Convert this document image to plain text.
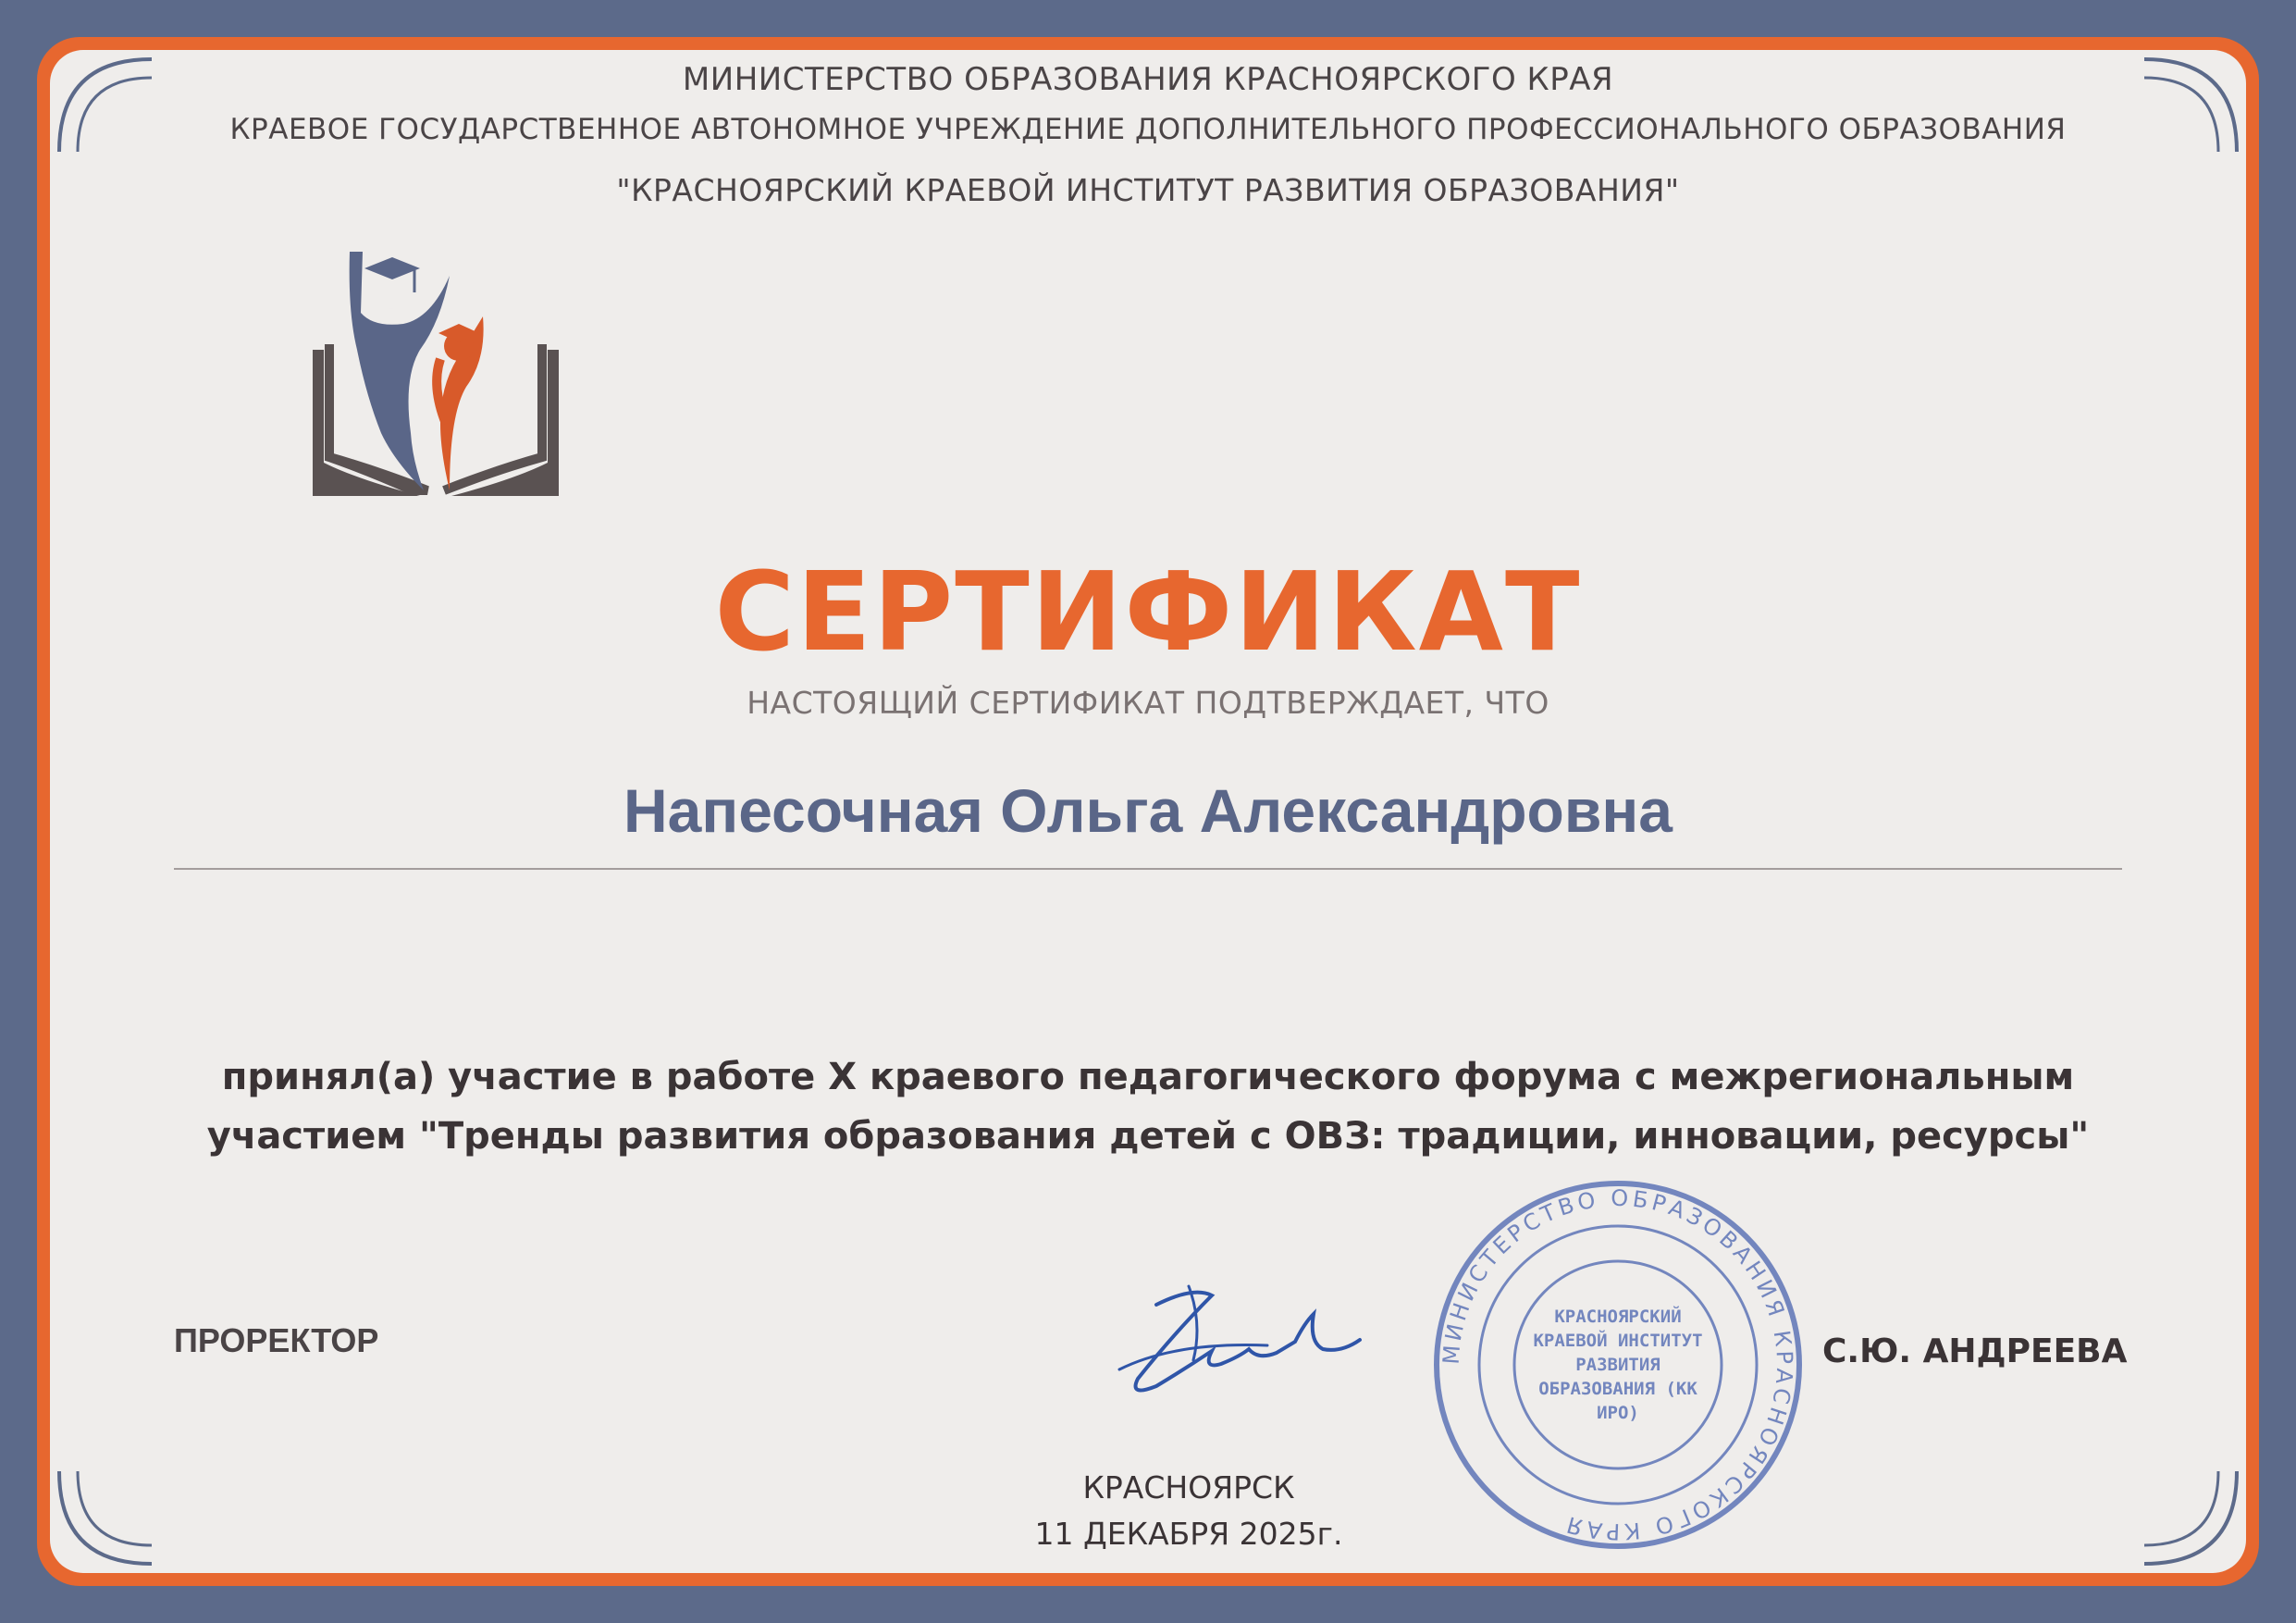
МИНИСТЕРСТВО ОБРАЗОВАНИЯ КРАСНОЯРСКОГО КРАЯ
КРАЕВОЕ ГОСУДАРСТВЕННОЕ АВТОНОМНОЕ УЧРЕЖДЕНИЕ ДОПОЛНИТЕЛЬНОГО ПРОФЕССИОНАЛЬНОГО ОБРАЗОВАНИЯ
"КРАСНОЯРСКИЙ КРАЕВОЙ ИНСТИТУТ РАЗВИТИЯ ОБРАЗОВАНИЯ"
СЕРТИФИКАТ
НАСТОЯЩИЙ СЕРТИФИКАТ ПОДТВЕРЖДАЕТ, ЧТО
Напесочная Ольга Александровна
принял(а) участие в работе X краевого педагогического форума с межрегиональным
участием "Тренды развития образования детей с ОВЗ: традиции, инновации, ресурсы"
ПРОРЕКТОР	МИНИСТЕРСТВО ОБРАЗОВАНИЯ КРАСНОЯРСКОГО КРАЯ
КРАСНОЯРСКИЙ КРАЕВОЙ ИНСТИТУТ РАЗВИТИЯ ОБРАЗОВАНИЯ (КК ИРО)
С.Ю. АНДРЕЕВА
КРАСНОЯРСК
11 ДЕКАБРЯ 2025г.
